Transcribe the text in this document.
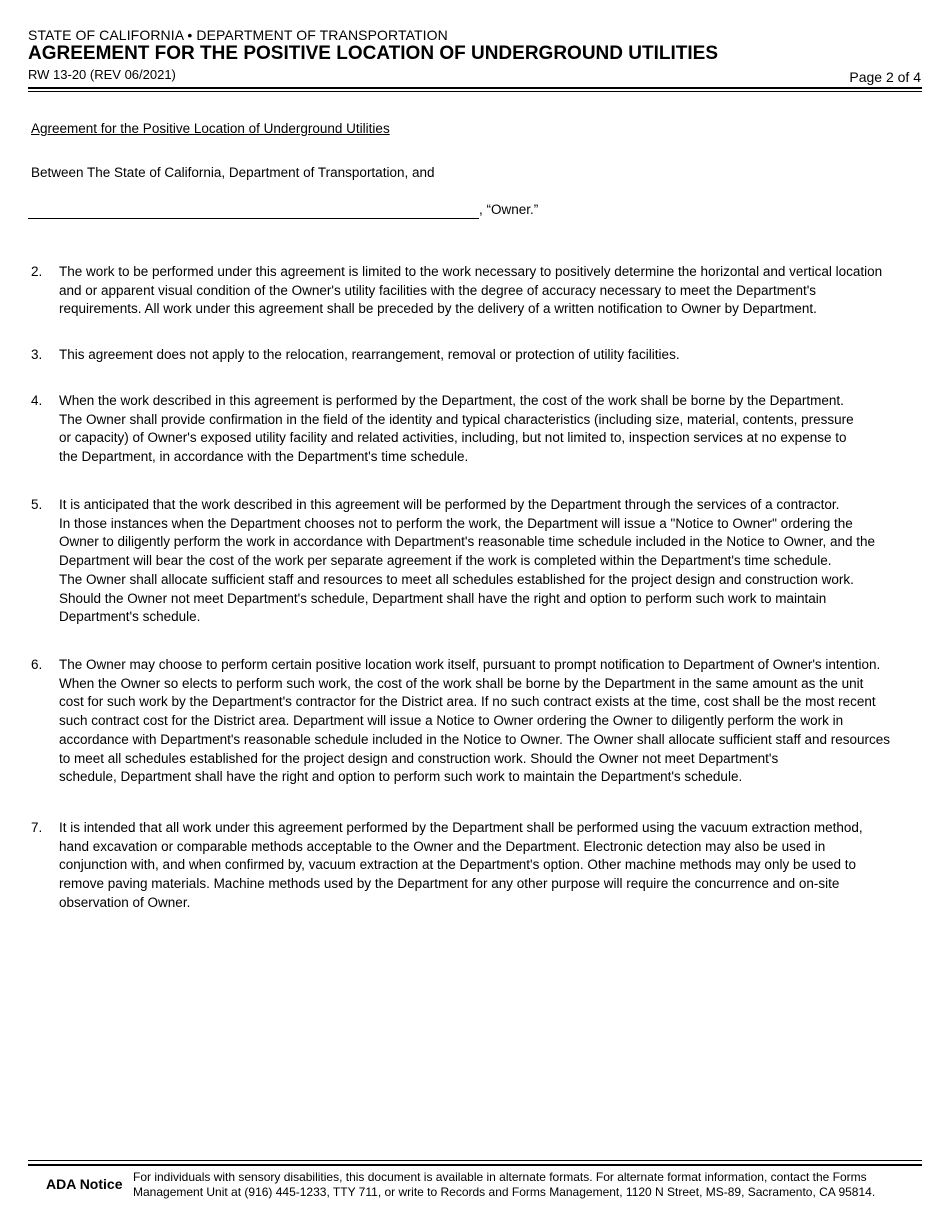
STATE OF CALIFORNIA • DEPARTMENT OF TRANSPORTATION
AGREEMENT FOR THE POSITIVE LOCATION OF UNDERGROUND UTILITIES
RW 13-20 (REV 06/2021)	Page 2 of 4
Agreement for the Positive Location of Underground Utilities
Between The State of California, Department of Transportation, and
, “Owner.”
2. The work to be performed under this agreement is limited to the work necessary to positively determine the horizontal and vertical location
and or apparent visual condition of the Owner's utility facilities with the degree of accuracy necessary to meet the Department's
requirements. All work under this agreement shall be preceded by the delivery of a written notification to Owner by Department.
3. This agreement does not apply to the relocation, rearrangement, removal or protection of utility facilities.
4. When the work described in this agreement is performed by the Department, the cost of the work shall be borne by the Department.
The Owner shall provide confirmation in the field of the identity and typical characteristics (including size, material, contents, pressure
or capacity) of Owner's exposed utility facility and related activities, including, but not limited to, inspection services at no expense to
the Department, in accordance with the Department's time schedule.
5. It is anticipated that the work described in this agreement will be performed by the Department through the services of a contractor.
In those instances when the Department chooses not to perform the work, the Department will issue a "Notice to Owner" ordering the
Owner to diligently perform the work in accordance with Department's reasonable time schedule included in the Notice to Owner, and the
Department will bear the cost of the work per separate agreement if the work is completed within the Department's time schedule.
The Owner shall allocate sufficient staff and resources to meet all schedules established for the project design and construction work.
Should the Owner not meet Department's schedule, Department shall have the right and option to perform such work to maintain
Department's schedule.
6. The Owner may choose to perform certain positive location work itself, pursuant to prompt notification to Department of Owner's intention.
When the Owner so elects to perform such work, the cost of the work shall be borne by the Department in the same amount as the unit
cost for such work by the Department's contractor for the District area. If no such contract exists at the time, cost shall be the most recent
such contract cost for the District area. Department will issue a Notice to Owner ordering the Owner to diligently perform the work in
accordance with Department's reasonable schedule included in the Notice to Owner. The Owner shall allocate sufficient staff and resources
to meet all schedules established for the project design and construction work. Should the Owner not meet Department's
schedule, Department shall have the right and option to perform such work to maintain the Department's schedule.
7. It is intended that all work under this agreement performed by the Department shall be performed using the vacuum extraction method,
hand excavation or comparable methods acceptable to the Owner and the Department. Electronic detection may also be used in
conjunction with, and when confirmed by, vacuum extraction at the Department's option. Other machine methods may only be used to
remove paving materials. Machine methods used by the Department for any other purpose will require the concurrence and on-site
observation of Owner.
ADA Notice For individuals with sensory disabilities, this document is available in alternate formats. For alternate format information, contact the Forms
Management Unit at (916) 445-1233, TTY 711, or write to Records and Forms Management, 1120 N Street, MS-89, Sacramento, CA 95814.
